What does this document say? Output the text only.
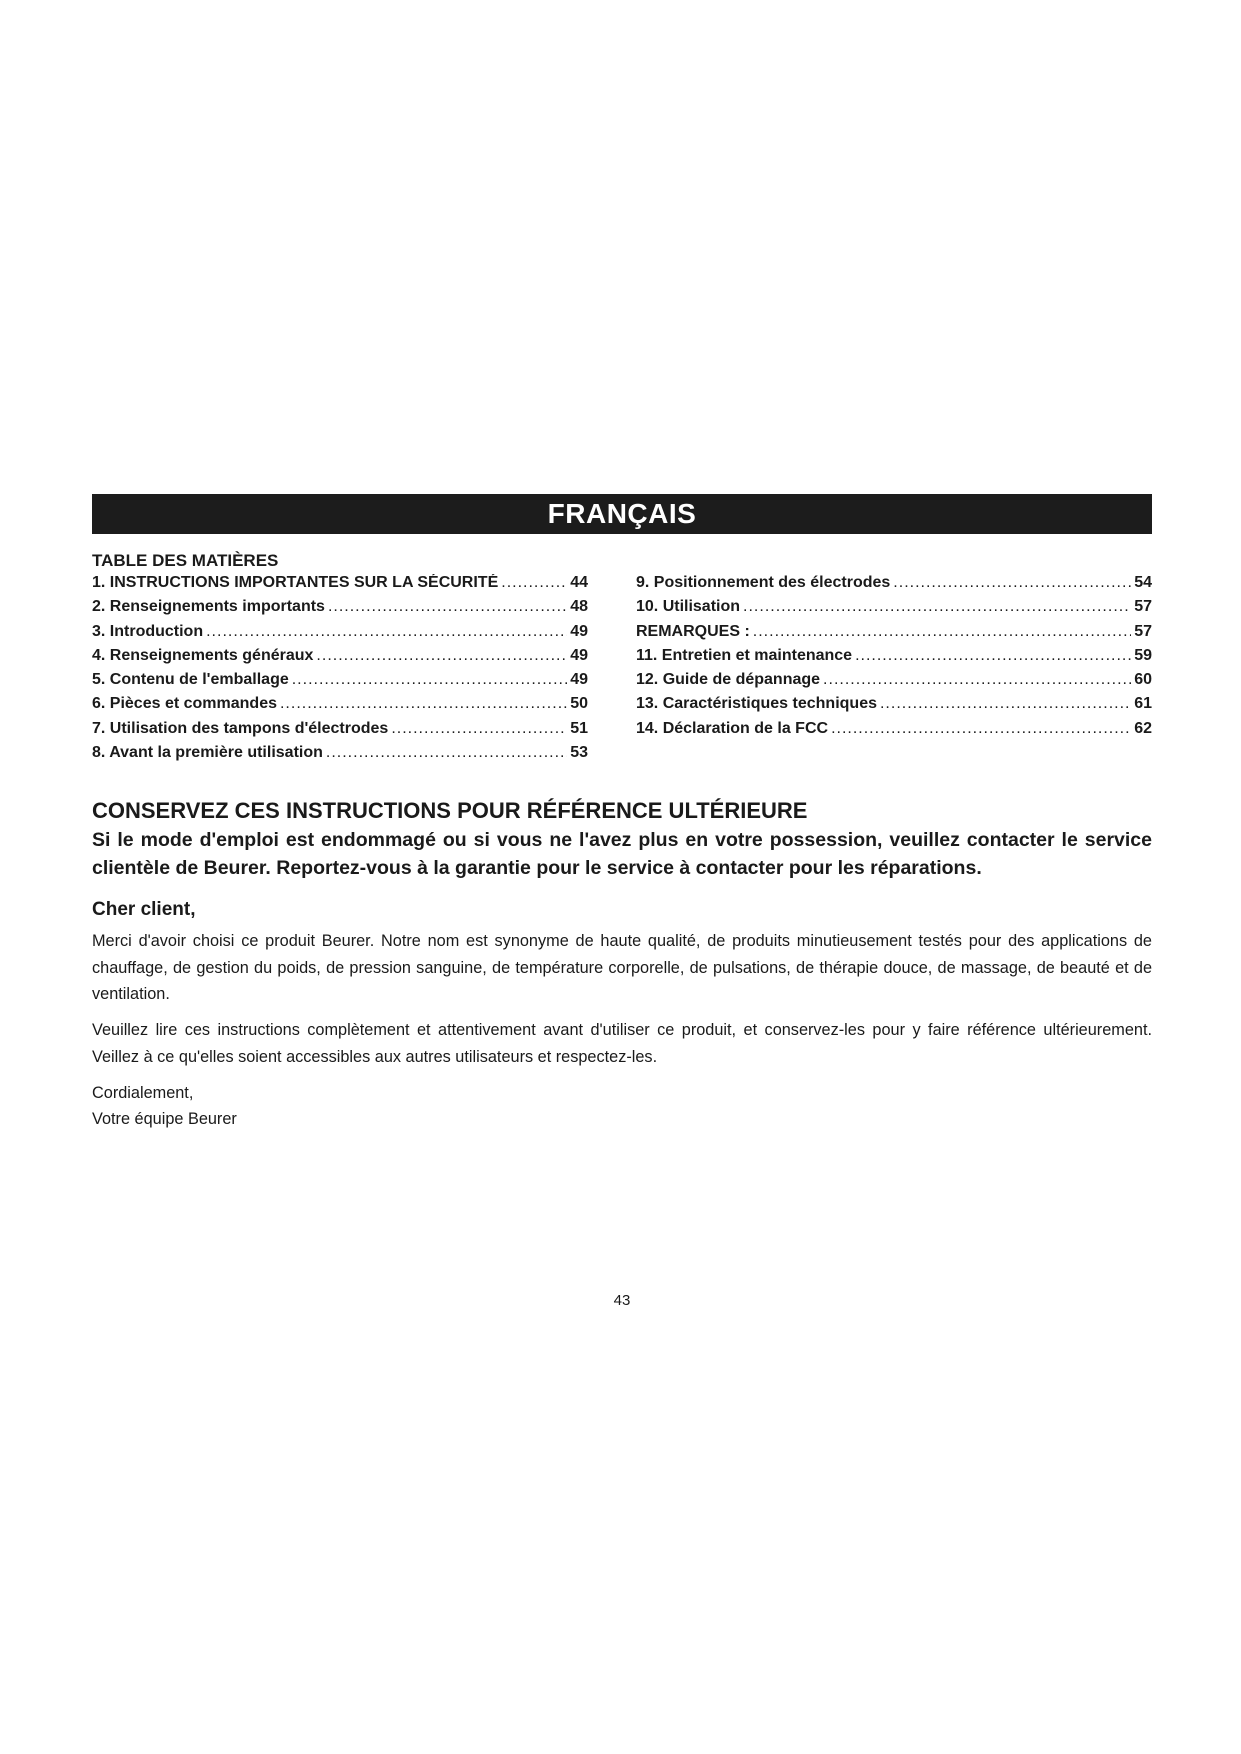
FRANÇAIS
TABLE DES MATIÈRES
1. INSTRUCTIONS IMPORTANTES SUR LA SÉCURITÉ .....	44
2. Renseignements importants .....	48
3. Introduction .....	49
4. Renseignements généraux .....	49
5. Contenu de l'emballage .....	49
6. Pièces et commandes .....	50
7. Utilisation des tampons d'électrodes .....	51
8. Avant la première utilisation .....	53
9. Positionnement des électrodes .....	54
10. Utilisation .....	57
REMARQUES : .....	57
11. Entretien et maintenance .....	59
12. Guide de dépannage .....	60
13. Caractéristiques techniques .....	61
14. Déclaration de la FCC .....	62
CONSERVEZ CES INSTRUCTIONS POUR RÉFÉRENCE ULTÉRIEURE
Si le mode d'emploi est endommagé ou si vous ne l'avez plus en votre possession, veuillez contacter le service clientèle de Beurer. Reportez-vous à la garantie pour le service à contacter pour les réparations.
Cher client,

Merci d'avoir choisi ce produit Beurer. Notre nom est synonyme de haute qualité, de produits minutieusement testés pour des applications de chauffage, de gestion du poids, de pression sanguine, de température corporelle, de pulsations, de thérapie douce, de massage, de beauté et de ventilation.

Veuillez lire ces instructions complètement et attentivement avant d'utiliser ce produit, et conservez-les pour y faire référence ultérieurement. Veillez à ce qu'elles soient accessibles aux autres utilisateurs et respectez-les.

Cordialement,
Votre équipe Beurer
43
